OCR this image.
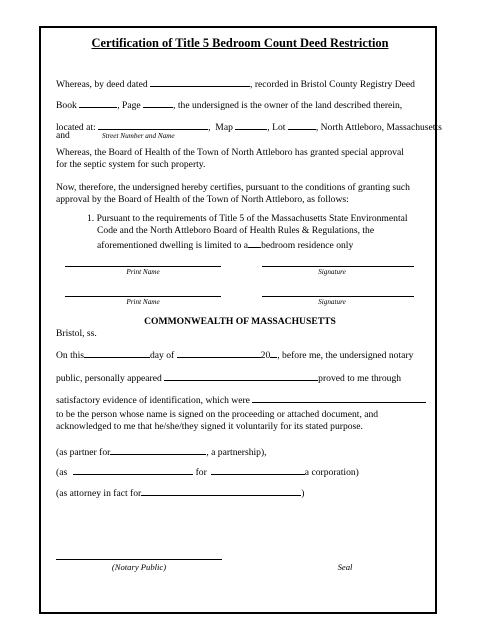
Certification of Title 5 Bedroom Count Deed Restriction
Whereas, by deed dated	, recorded in Bristol County Registry Deed
Book	, Page	, the undersigned is the owner of the land described therein,
located at:	, Map	, Lot	, North Attleboro, Massachusetts
and	Street Number and Name
Whereas, the Board of Health of the Town of North Attleboro has granted special approval
for the septic system for such property.
Now, therefore, the undersigned hereby certifies, pursuant to the conditions of granting such
approval by the Board of Health of the Town of North Attleboro, as follows:
1. Pursuant to the requirements of Title 5 of the Massachusetts State Environmental
Code and the North Attleboro Board of Health Rules & Regulations, the
aforementioned dwelling is limited to a bedroom residence only
Print Name	Signature
Print Name	Signature
COMMONWEALTH OF MASSACHUSETTS
Bristol, ss.
On this	day of	20 , before me, the undersigned notary
public, personally appeared	proved to me through
satisfactory evidence of identification, which were
to be the person whose name is signed on the proceeding or attached document, and
acknowledged to me that he/she/they signed it voluntarily for its stated purpose.
(as partner for	, a partnership),
(as	for	a corporation)
(as attorney in fact for	)
(Notary Public)	Seal
